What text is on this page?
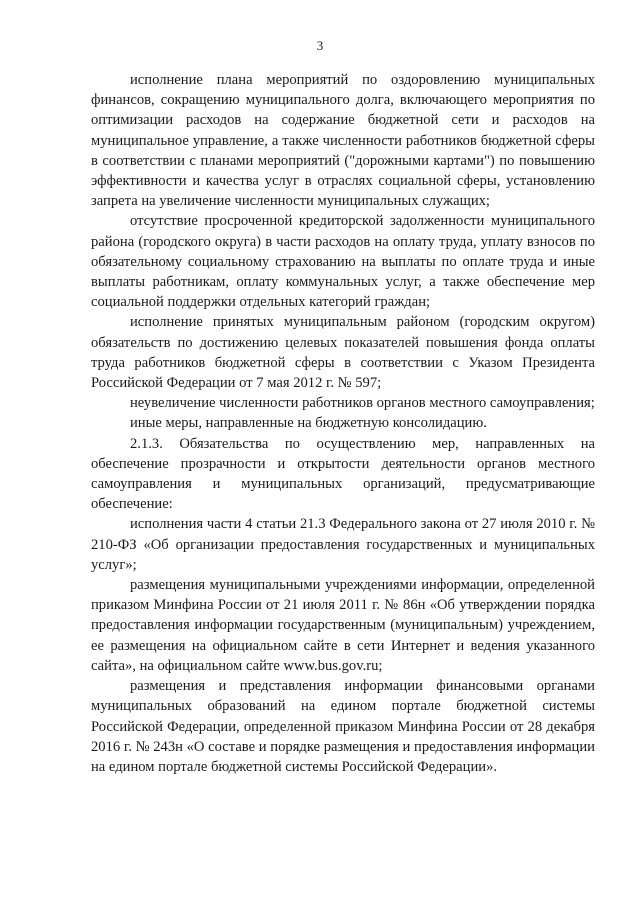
3

исполнение плана мероприятий по оздоровлению муниципальных финансов, сокращению муниципального долга, включающего мероприятия по оптимизации расходов на содержание бюджетной сети и расходов на муниципальное управление, а также численности работников бюджетной сферы в соответствии с планами мероприятий ("дорожными картами") по повышению эффективности и качества услуг в отраслях социальной сферы, установлению запрета на увеличение численности муниципальных служащих;

отсутствие просроченной кредиторской задолженности муниципального района (городского округа) в части расходов на оплату труда, уплату взносов по обязательному социальному страхованию на выплаты по оплате труда и иные выплаты работникам, оплату коммунальных услуг, а также обеспечение мер социальной поддержки отдельных категорий граждан;

исполнение принятых муниципальным районом (городским округом) обязательств по достижению целевых показателей повышения фонда оплаты труда работников бюджетной сферы в соответствии с Указом Президента Российской Федерации от 7 мая 2012 г. № 597;

неувеличение численности работников органов местного самоуправления;

иные меры, направленные на бюджетную консолидацию.

2.1.3. Обязательства по осуществлению мер, направленных на обеспечение прозрачности и открытости деятельности органов местного самоуправления и муниципальных организаций, предусматривающие обеспечение:

исполнения части 4 статьи 21.3 Федерального закона от 27 июля 2010 г. № 210-ФЗ «Об организации предоставления государственных и муниципальных услуг»;

размещения муниципальными учреждениями информации, определенной приказом Минфина России от 21 июля 2011 г. № 86н «Об утверждении порядка предоставления информации государственным (муниципальным) учреждением, ее размещения на официальном сайте в сети Интернет и ведения указанного сайта», на официальном сайте www.bus.gov.ru;

размещения и представления информации финансовыми органами муниципальных образований на едином портале бюджетной системы Российской Федерации, определенной приказом Минфина России от 28 декабря 2016 г. № 243н «О составе и порядке размещения и предоставления информации на едином портале бюджетной системы Российской Федерации».
